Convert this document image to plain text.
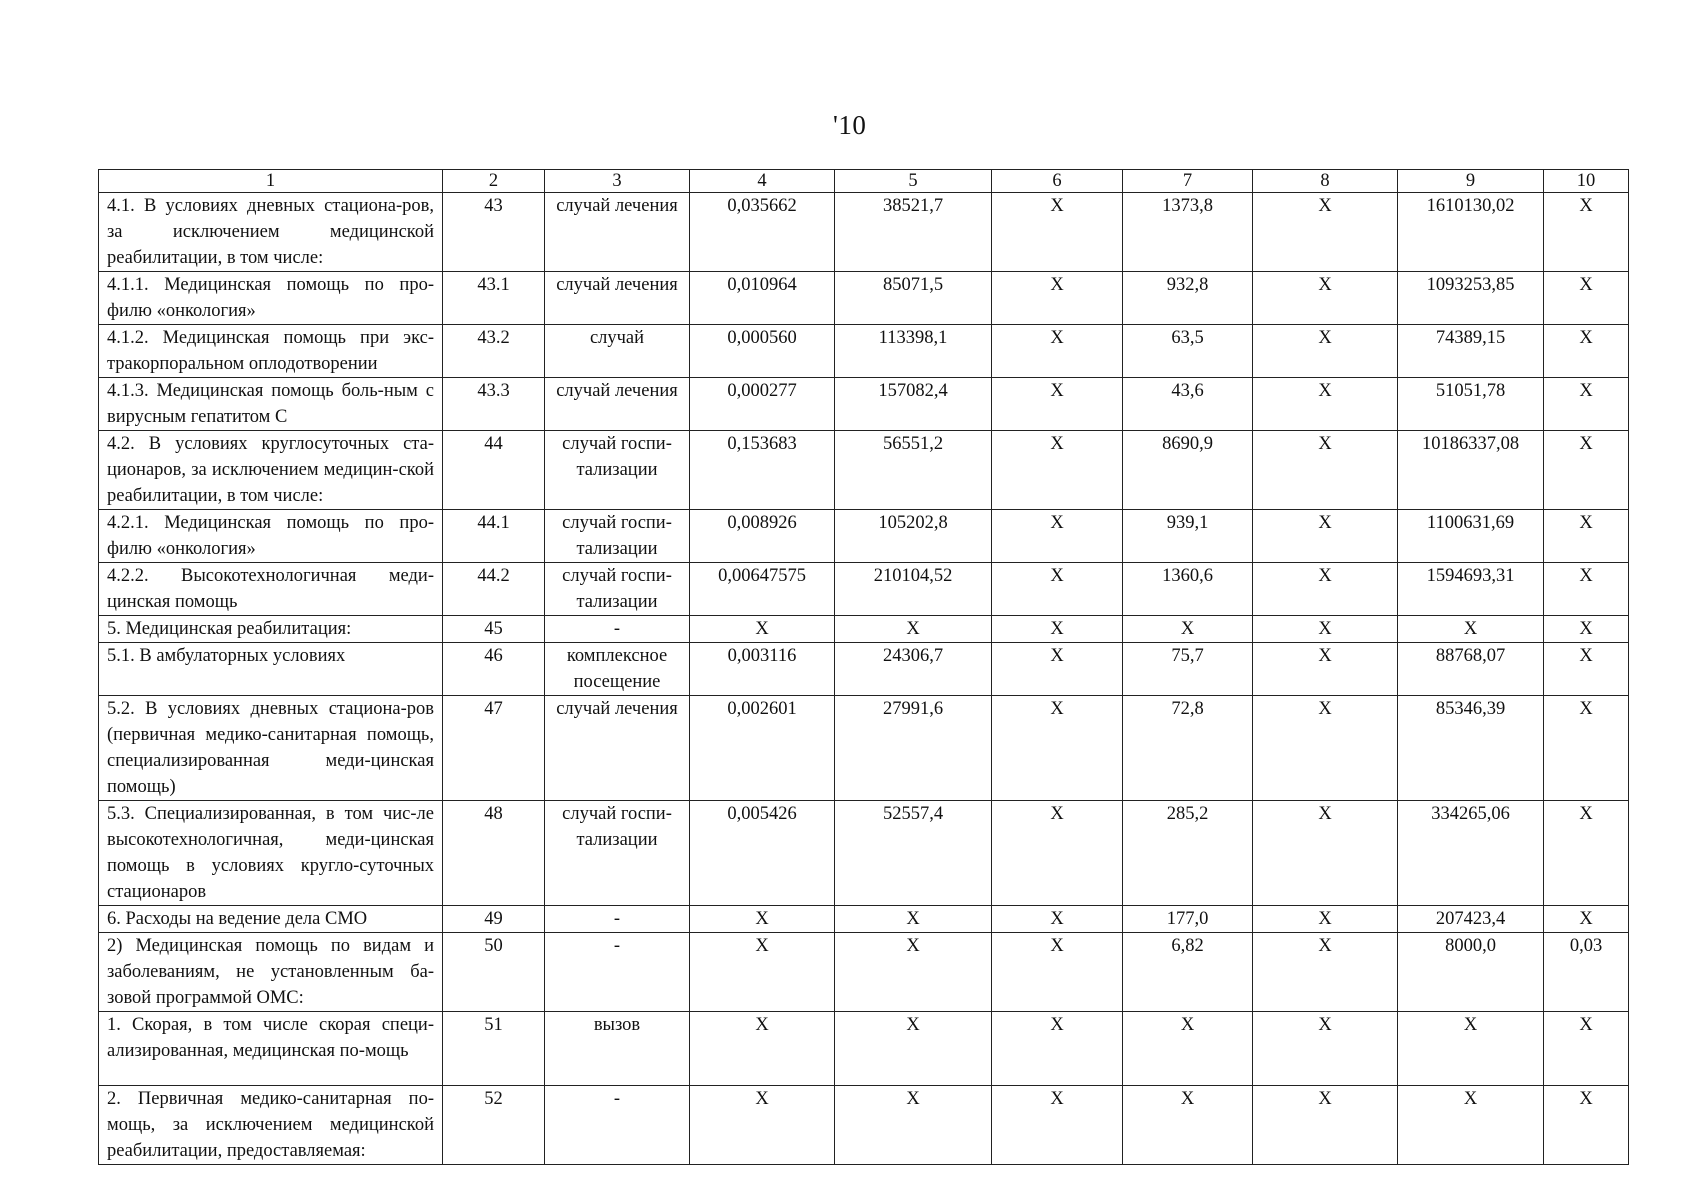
'10
1	2	3	4	5	6	7	8	9	10
4.1. В условиях дневных стациона-ров, за исключением медицинской реабилитации, в том числе:	43	случай лечения	0,035662	38521,7	X	1373,8	X	1610130,02	X
4.1.1. Медицинская помощь по про-филю «онкология»	43.1	случай лечения	0,010964	85071,5	X	932,8	X	1093253,85	X
4.1.2. Медицинская помощь при экс-тракорпоральном оплодотворении	43.2	случай	0,000560	113398,1	X	63,5	X	74389,15	X
4.1.3. Медицинская помощь боль-ным с вирусным гепатитом С	43.3	случай лечения	0,000277	157082,4	X	43,6	X	51051,78	X
4.2. В условиях круглосуточных ста-ционаров, за исключением медицин-ской реабилитации, в том числе:	44	случай госпи-тализации	0,153683	56551,2	X	8690,9	X	10186337,08	X
4.2.1. Медицинская помощь по про-филю «онкология»	44.1	случай госпи-тализации	0,008926	105202,8	X	939,1	X	1100631,69	X
4.2.2. Высокотехнологичная меди-цинская помощь	44.2	случай госпи-тализации	0,00647575	210104,52	X	1360,6	X	1594693,31	X
5. Медицинская реабилитация:	45	-	X	X	X	X	X	X	X
5.1. В амбулаторных условиях	46	комплексное посещение	0,003116	24306,7	X	75,7	X	88768,07	X
5.2. В условиях дневных стациона-ров (первичная медико-санитарная помощь, специализированная меди-цинская помощь)	47	случай лечения	0,002601	27991,6	X	72,8	X	85346,39	X
5.3. Специализированная, в том чис-ле высокотехнологичная, меди-цинская помощь в условиях кругло-суточных стационаров	48	случай госпи-тализации	0,005426	52557,4	X	285,2	X	334265,06	X
6. Расходы на ведение дела СМО	49	-	X	X	X	177,0	X	207423,4	X
2) Медицинская помощь по видам и заболеваниям, не установленным ба-зовой программой ОМС:	50	-	X	X	X	6,82	X	8000,0	0,03
1. Скорая, в том числе скорая специ-ализированная, медицинская по-мощь	51	вызов	X	X	X	X	X	X	X
2. Первичная медико-санитарная по-мощь, за исключением медицинской реабилитации, предоставляемая:	52	-	X	X	X	X	X	X	X
